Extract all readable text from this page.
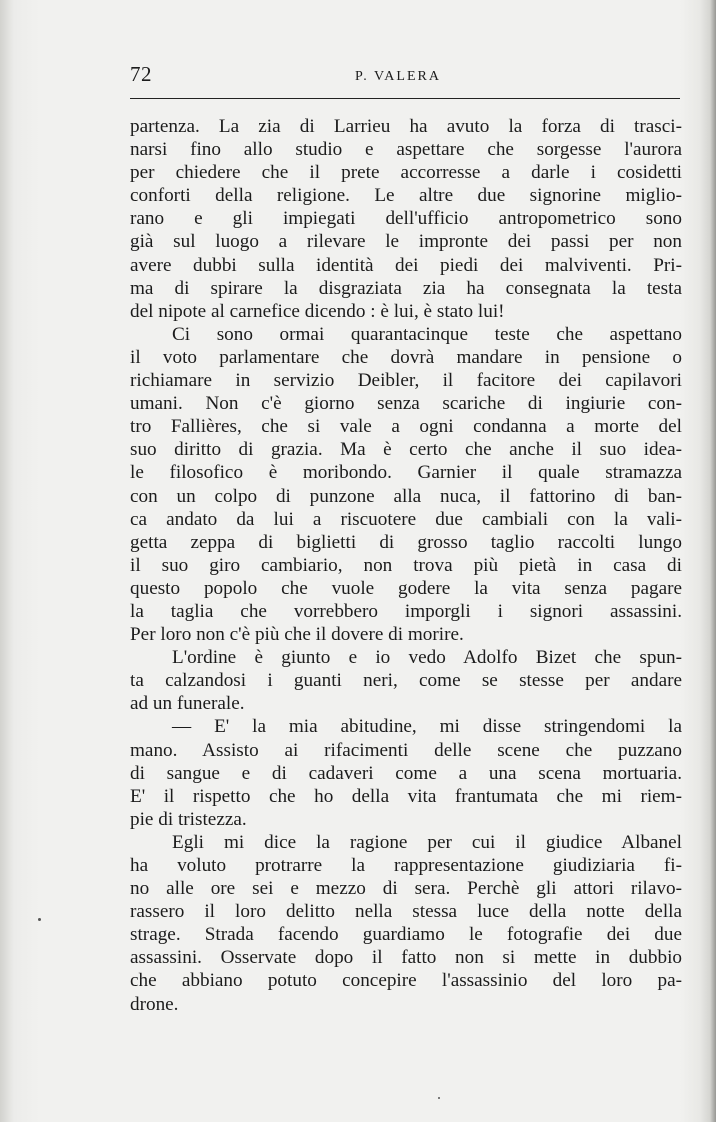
72	P. VALERA
partenza. La zia di Larrieu ha avuto la forza di trasci-
narsi fino allo studio e aspettare che sorgesse l'aurora
per chiedere che il prete accorresse a darle i cosidetti
conforti della religione. Le altre due signorine miglio-
rano e gli impiegati dell'ufficio antropometrico sono
già sul luogo a rilevare le impronte dei passi per non
avere dubbi sulla identità dei piedi dei malviventi. Pri-
ma di spirare la disgraziata zia ha consegnata la testa
del nipote al carnefice dicendo : è lui, è stato lui!
Ci sono ormai quarantacinque teste che aspettano
il voto parlamentare che dovrà mandare in pensione o
richiamare in servizio Deibler, il facitore dei capilavori
umani. Non c'è giorno senza scariche di ingiurie con-
tro Fallières, che si vale a ogni condanna a morte del
suo diritto di grazia. Ma è certo che anche il suo idea-
le filosofico è moribondo. Garnier il quale stramazza
con un colpo di punzone alla nuca, il fattorino di ban-
ca andato da lui a riscuotere due cambiali con la vali-
getta zeppa di biglietti di grosso taglio raccolti lungo
il suo giro cambiario, non trova più pietà in casa di
questo popolo che vuole godere la vita senza pagare
la taglia che vorrebbero imporgli i signori assassini.
Per loro non c'è più che il dovere di morire.
L'ordine è giunto e io vedo Adolfo Bizet che spun-
ta calzandosi i guanti neri, come se stesse per andare
ad un funerale.
— E' la mia abitudine, mi disse stringendomi la
mano. Assisto ai rifacimenti delle scene che puzzano
di sangue e di cadaveri come a una scena mortuaria.
E' il rispetto che ho della vita frantumata che mi riem-
pie di tristezza.
Egli mi dice la ragione per cui il giudice Albanel
ha voluto protrarre la rappresentazione giudiziaria fi-
no alle ore sei e mezzo di sera. Perchè gli attori rilavo-
rassero il loro delitto nella stessa luce della notte della
strage. Strada facendo guardiamo le fotografie dei due
assassini. Osservate dopo il fatto non si mette in dubbio
che abbiano potuto concepire l'assassinio del loro pa-
drone.
